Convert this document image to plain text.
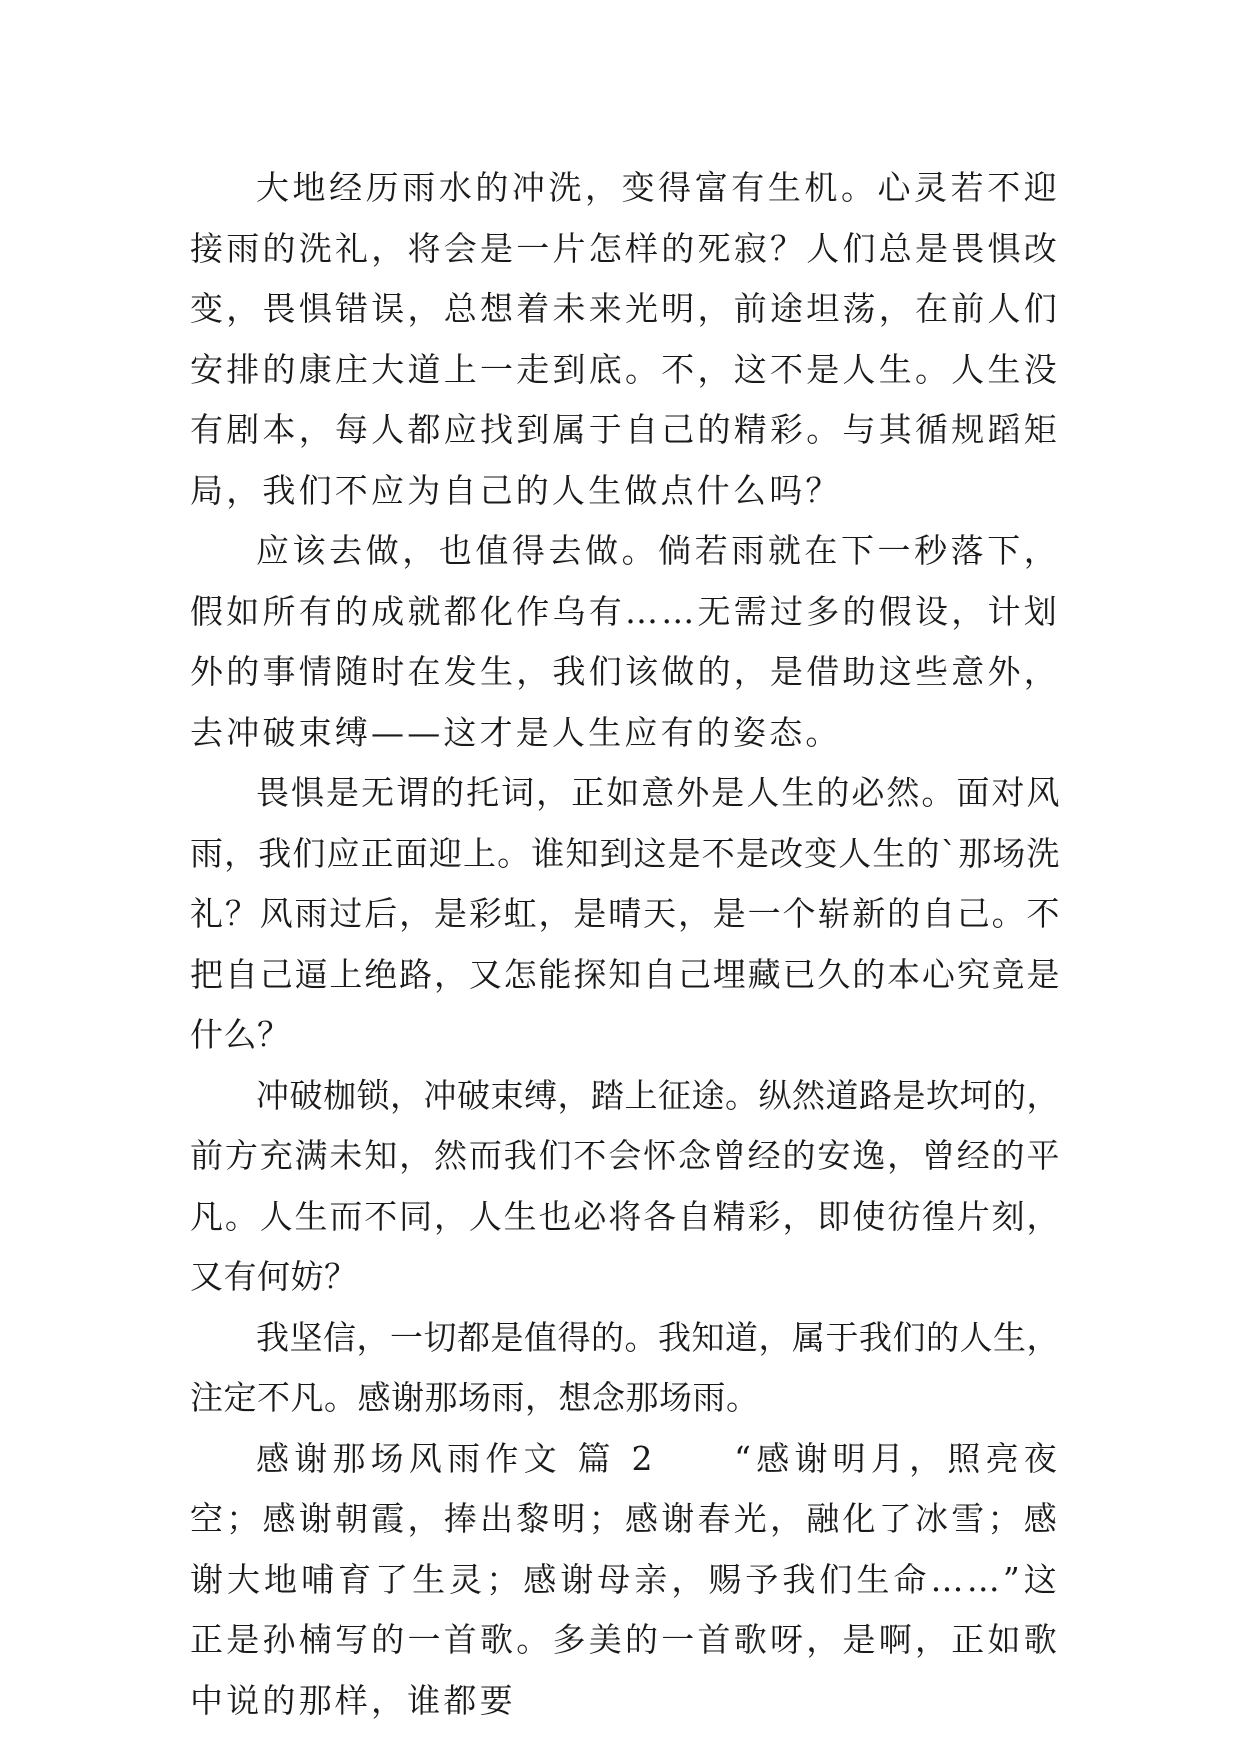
大地经历雨水的冲洗，变得富有生机。心灵若不迎接雨的洗礼，将会是一片怎样的死寂？人们总是畏惧改变，畏惧错误，总想着未来光明，前途坦荡，在前人们安排的康庄大道上一走到底。不，这不是人生。人生没有剧本，每人都应找到属于自己的精彩。与其循规蹈矩局，我们不应为自己的人生做点什么吗？

应该去做，也值得去做。倘若雨就在下一秒落下，假如所有的成就都化作乌有……无需过多的假设，计划外的事情随时在发生，我们该做的，是借助这些意外，去冲破束缚——这才是人生应有的姿态。

畏惧是无谓的托词，正如意外是人生的必然。面对风雨，我们应正面迎上。谁知到这是不是改变人生的`那场洗礼？风雨过后，是彩虹，是晴天，是一个崭新的自己。不把自己逼上绝路，又怎能探知自己埋藏已久的本心究竟是什么？

冲破枷锁，冲破束缚，踏上征途。纵然道路是坎坷的，前方充满未知，然而我们不会怀念曾经的安逸，曾经的平凡。人生而不同，人生也必将各自精彩，即使彷徨片刻，又有何妨？

我坚信，一切都是值得的。我知道，属于我们的人生，注定不凡。感谢那场雨，想念那场雨。

感谢那场风雨作文 篇 2　　“感谢明月，照亮夜空；感谢朝霞，捧出黎明；感谢春光，融化了冰雪；感谢大地哺育了生灵；感谢母亲，赐予我们生命……”这正是孙楠写的一首歌。多美的一首歌呀，是啊，正如歌中说的那样，谁都要
